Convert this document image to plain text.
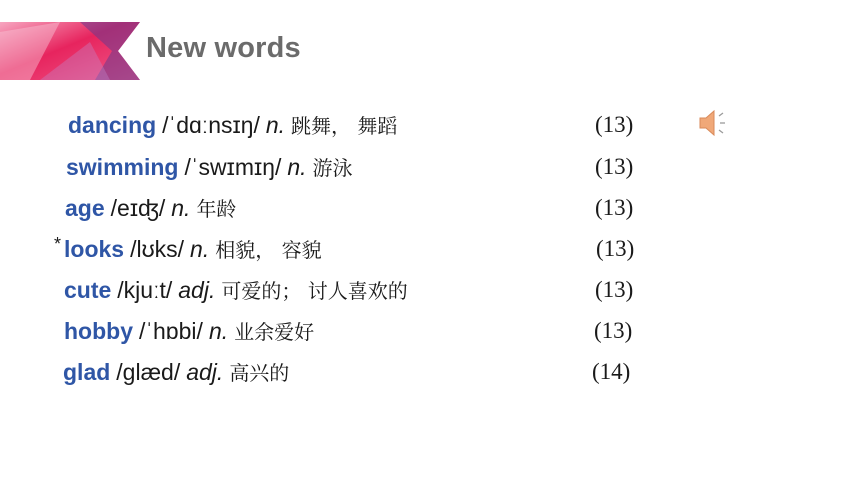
New words
dancing /ˈdɑːnsɪŋ/ n. 跳舞， 舞蹈	(13)
swimming /ˈswɪmɪŋ/ n. 游泳	(13)
age /eɪʤ/ n. 年龄	(13)
* looks /lʊks/ n. 相貌， 容貌	(13)
cute /kjuːt/ adj. 可爱的； 讨人喜欢的	(13)
hobby /ˈhɒbi/ n. 业余爱好	(13)
glad /glæd/ adj. 高兴的	(14)
